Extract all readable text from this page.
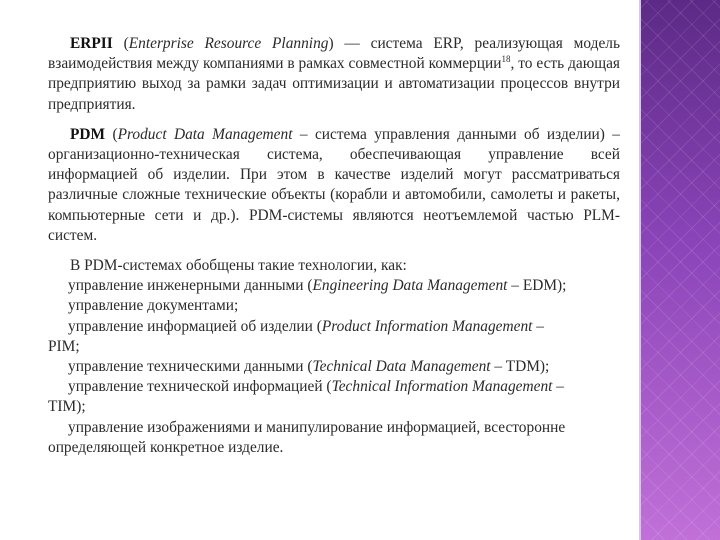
ERPII (Enterprise Resource Planning) — система ERP, реализующая модель взаимодействия между компаниями в рамках совместной коммерции$^{18}$, то есть дающая предприятию выход за рамки задач оптимизации и автоматизации процессов внутри предприятия.

PDM (Product Data Management – система управления данными об изделии) – организационно-техническая система, обеспечивающая управление всей информацией об изделии. При этом в качестве изделий могут рассматриваться различные сложные технические объекты (корабли и автомобили, самолеты и ракеты, компьютерные сети и др.). PDM-системы являются неотъемлемой частью PLM-систем.

В PDM-системах обобщены такие технологии, как:

управление инженерными данными (Engineering Data Management – EDM);

управление документами;

управление информацией об изделии (Product Information Management –

PIM;

управление техническими данными (Technical Data Management – TDM);

управление технической информацией (Technical Information Management –

TIM);

управление изображениями и манипулирование информацией, всесторонне

определяющей конкретное изделие.
